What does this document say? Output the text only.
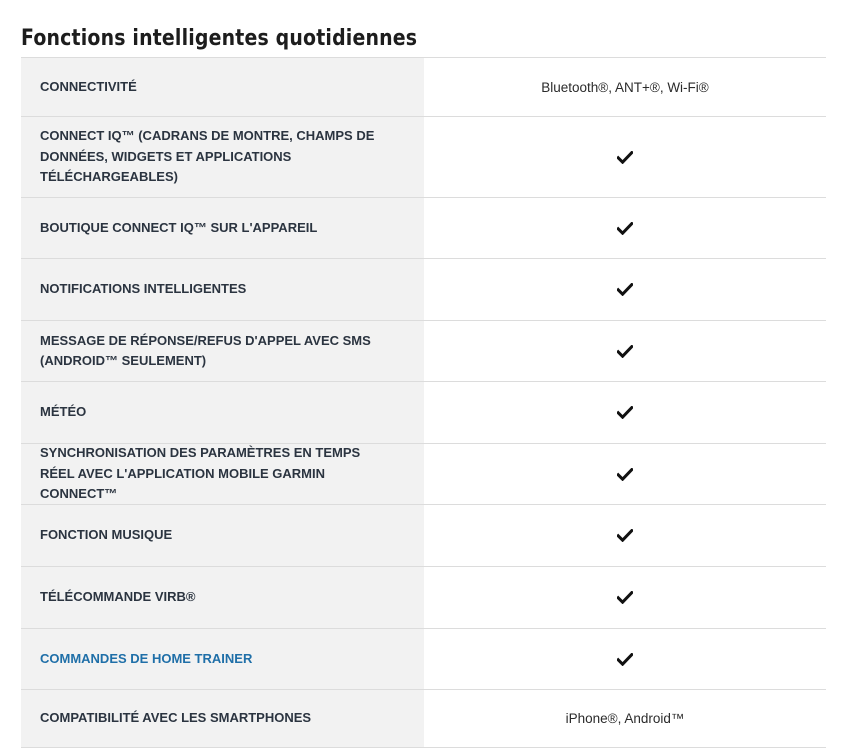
Fonctions intelligentes quotidiennes
CONNECTIVITÉ	Bluetooth®, ANT+®, Wi-Fi®
CONNECT IQ™ (CADRANS DE MONTRE, CHAMPS DE DONNÉES, WIDGETS ET APPLICATIONS TÉLÉCHARGEABLES)
BOUTIQUE CONNECT IQ™ SUR L'APPAREIL
NOTIFICATIONS INTELLIGENTES
MESSAGE DE RÉPONSE/REFUS D'APPEL AVEC SMS (ANDROID™ SEULEMENT)
MÉTÉO
SYNCHRONISATION DES PARAMÈTRES EN TEMPS RÉEL AVEC L'APPLICATION MOBILE GARMIN CONNECT™
FONCTION MUSIQUE
TÉLÉCOMMANDE VIRB®
COMMANDES DE HOME TRAINER
COMPATIBILITÉ AVEC LES SMARTPHONES	iPhone®, Android™
